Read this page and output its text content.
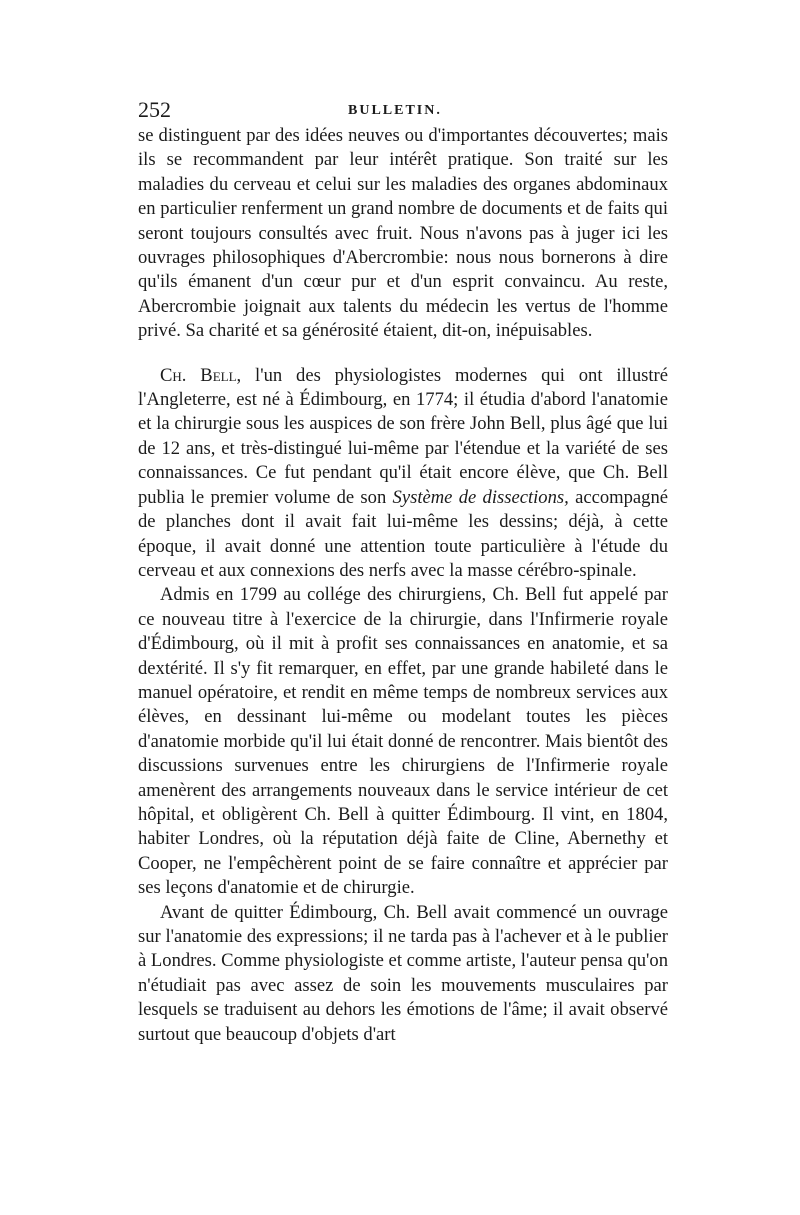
252	BULLETIN.

se distinguent par des idées neuves ou d'importantes découvertes; mais ils se recommandent par leur intérêt pratique. Son traité sur les maladies du cerveau et celui sur les maladies des organes abdominaux en particulier renferment un grand nombre de documents et de faits qui seront toujours consultés avec fruit. Nous n'avons pas à juger ici les ouvrages philosophiques d'Abercrombie: nous nous bornerons à dire qu'ils émanent d'un cœur pur et d'un esprit convaincu. Au reste, Abercrombie joignait aux talents du médecin les vertus de l'homme privé. Sa charité et sa générosité étaient, dit-on, inépuisables.

Ch. Bell, l'un des physiologistes modernes qui ont illustré l'Angleterre, est né à Édimbourg, en 1774; il étudia d'abord l'anatomie et la chirurgie sous les auspices de son frère John Bell, plus âgé que lui de 12 ans, et très-distingué lui-même par l'étendue et la variété de ses connaissances. Ce fut pendant qu'il était encore élève, que Ch. Bell publia le premier volume de son Système de dissections, accompagné de planches dont il avait fait lui-même les dessins; déjà, à cette époque, il avait donné une attention toute particulière à l'étude du cerveau et aux connexions des nerfs avec la masse cérébro-spinale.

Admis en 1799 au collége des chirurgiens, Ch. Bell fut appelé par ce nouveau titre à l'exercice de la chirurgie, dans l'Infirmerie royale d'Édimbourg, où il mit à profit ses connaissances en anatomie, et sa dextérité. Il s'y fit remarquer, en effet, par une grande habileté dans le manuel opératoire, et rendit en même temps de nombreux services aux élèves, en dessinant lui-même ou modelant toutes les pièces d'anatomie morbide qu'il lui était donné de rencontrer. Mais bientôt des discussions survenues entre les chirurgiens de l'Infirmerie royale amenèrent des arrangements nouveaux dans le service intérieur de cet hôpital, et obligèrent Ch. Bell à quitter Édimbourg. Il vint, en 1804, habiter Londres, où la réputation déjà faite de Cline, Abernethy et Cooper, ne l'empêchèrent point de se faire connaître et apprécier par ses leçons d'anatomie et de chirurgie.

Avant de quitter Édimbourg, Ch. Bell avait commencé un ouvrage sur l'anatomie des expressions; il ne tarda pas à l'achever et à le publier à Londres. Comme physiologiste et comme artiste, l'auteur pensa qu'on n'étudiait pas avec assez de soin les mouvements musculaires par lesquels se traduisent au dehors les émotions de l'âme; il avait observé surtout que beaucoup d'objets d'art
